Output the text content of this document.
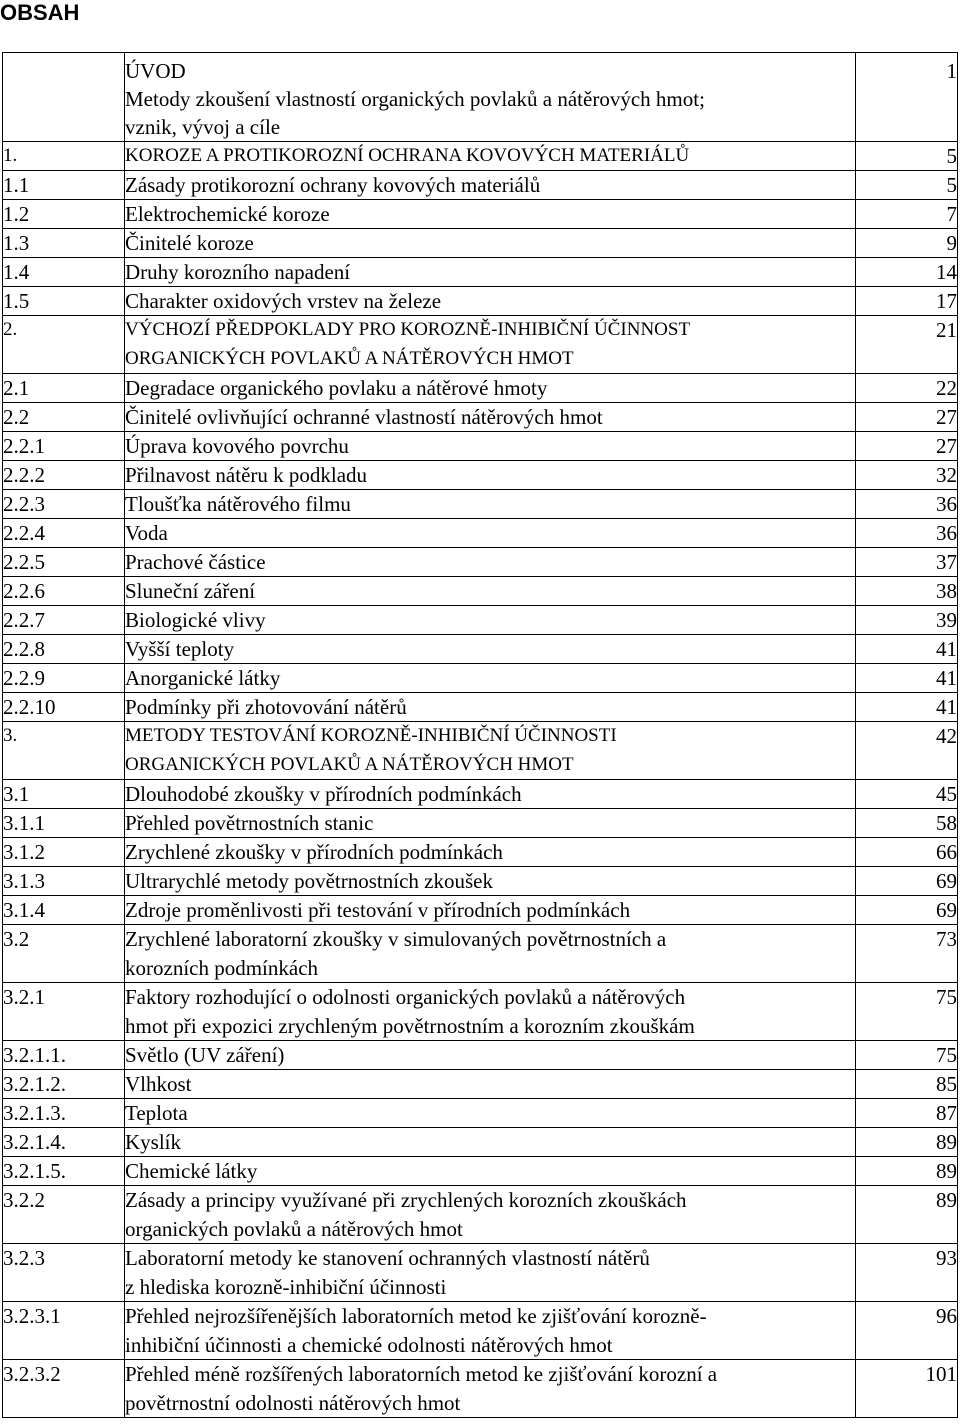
OBSAH

	ÚVOD
Metody zkoušení vlastností organických povlaků a nátěrových hmot;
vznik, vývoj a cíle	1
1.	KOROZE A PROTIKOROZNÍ OCHRANA KOVOVÝCH MATERIÁLŮ	5
1.1	Zásady protikorozní ochrany kovových materiálů	5
1.2	Elektrochemické koroze	7
1.3	Činitelé koroze	9
1.4	Druhy korozního napadení	14
1.5	Charakter oxidových vrstev na železe	17
2.	VÝCHOZÍ PŘEDPOKLADY PRO KOROZNĚ-INHIBIČNÍ ÚČINNOST
ORGANICKÝCH POVLAKŮ A NÁTĚROVÝCH HMOT	21
2.1	Degradace organického povlaku a nátěrové hmoty	22
2.2	Činitelé ovlivňující ochranné vlastností nátěrových hmot	27
2.2.1	Úprava kovového povrchu	27
2.2.2	Přilnavost nátěru k podkladu	32
2.2.3	Tloušťka nátěrového filmu	36
2.2.4	Voda	36
2.2.5	Prachové částice	37
2.2.6	Sluneční záření	38
2.2.7	Biologické vlivy	39
2.2.8	Vyšší teploty	41
2.2.9	Anorganické látky	41
2.2.10	Podmínky při zhotovování nátěrů	41
3.	METODY TESTOVÁNÍ KOROZNĚ-INHIBIČNÍ ÚČINNOSTI
ORGANICKÝCH POVLAKŮ A NÁTĚROVÝCH HMOT	42
3.1	Dlouhodobé zkoušky v přírodních podmínkách	45
3.1.1	Přehled povětrnostních stanic	58
3.1.2	Zrychlené zkoušky v přírodních podmínkách	66
3.1.3	Ultrarychlé metody povětrnostních zkoušek	69
3.1.4	Zdroje proměnlivosti při testování v přírodních podmínkách	69
3.2	Zrychlené laboratorní zkoušky v simulovaných povětrnostních a
korozních podmínkách	73
3.2.1	Faktory rozhodující o odolnosti organických povlaků a nátěrových
hmot při expozici zrychleným povětrnostním a korozním zkouškám	75
3.2.1.1.	Světlo (UV záření)	75
3.2.1.2.	Vlhkost	85
3.2.1.3.	Teplota	87
3.2.1.4.	Kyslík	89
3.2.1.5.	Chemické látky	89
3.2.2	Zásady a principy využívané při zrychlených korozních zkouškách
organických povlaků a nátěrových hmot	89
3.2.3	Laboratorní metody ke stanovení ochranných vlastností nátěrů
z hlediska korozně-inhibiční účinnosti	93
3.2.3.1	Přehled nejrozšířenějších laboratorních metod ke zjišťování korozně-
inhibiční účinnosti a chemické odolnosti nátěrových hmot	96
3.2.3.2	Přehled méně rozšířených laboratorních metod ke zjišťování korozní a
povětrnostní odolnosti nátěrových hmot	101
